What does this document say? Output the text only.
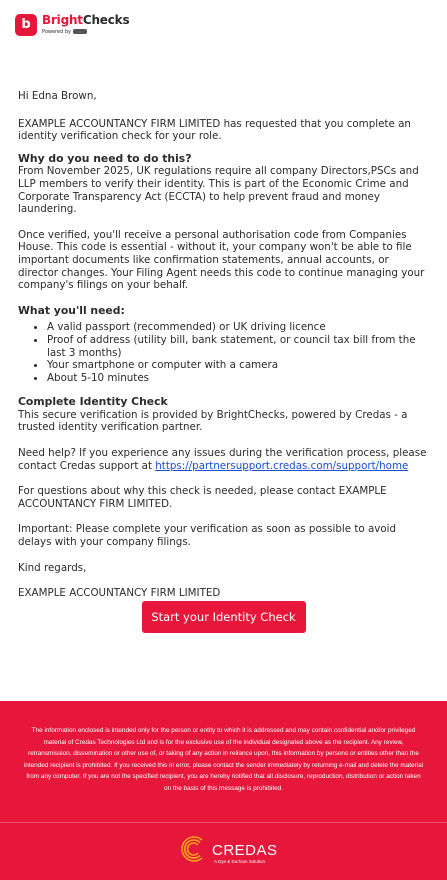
b BrightChecks
Powered by

Hi Edna Brown,

EXAMPLE ACCOUNTANCY FIRM LIMITED has requested that you complete an identity verification check for your role.

Why do you need to do this?

From November 2025, UK regulations require all company Directors,PSCs and LLP members to verify their identity. This is part of the Economic Crime and Corporate Transparency Act (ECCTA) to help prevent fraud and money laundering.

Once verified, you'll receive a personal authorisation code from Companies House. This code is essential - without it, your company won't be able to file important documents like confirmation statements, annual accounts, or director changes. Your Filing Agent needs this code to continue managing your company's filings on your behalf.

What you'll need:

A valid passport (recommended) or UK driving licence
Proof of address (utility bill, bank statement, or council tax bill from the last 3 months)
Your smartphone or computer with a camera
About 5-10 minutes

Complete Identity Check

This secure verification is provided by BrightChecks, powered by Credas - a trusted identity verification partner.

Need help? If you experience any issues during the verification process, please contact Credas support at https://partnersupport.credas.com/support/home

For questions about why this check is needed, please contact EXAMPLE ACCOUNTANCY FIRM LIMITED.

Important: Please complete your verification as soon as possible to avoid delays with your company filings.

Kind regards,

EXAMPLE ACCOUNTANCY FIRM LIMITED

Start your Identity Check
The information enclosed is intended only for the person or entity to which it is addressed and may contain confidential and/or privileged material of Credas Technologies Ltd and is for the exclusive use of the individual designated above as the recipient. Any review, retransmission, dissemination or other use of, or taking of any action in reliance upon, this information by persons or entities other than the intended recipient is prohibited. If you received this in error, please contact the sender immediately by returning e-mail and delete the material from any computer. If you are not the specified recipient, you are hereby notified that all disclosure, reproduction, distribution or action taken on the basis of this message is prohibited.
CREDAS
A Dye & Durham Solution
